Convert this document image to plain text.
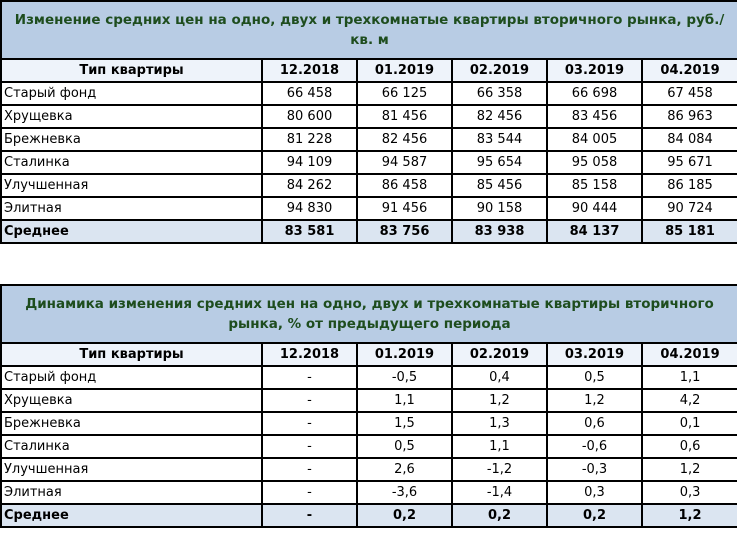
Изменение средних цен на одно, двух и трехкомнатые квартиры вторичного рынка, руб./кв. м					
Тип квартиры	12.2018	01.2019	02.2019	03.2019	04.2019
Старый фонд	66 458	66 125	66 358	66 698	67 458
Хрущевка	80 600	81 456	82 456	83 456	86 963
Брежневка	81 228	82 456	83 544	84 005	84 084
Сталинка	94 109	94 587	95 654	95 058	95 671
Улучшенная	84 262	86 458	85 456	85 158	86 185
Элитная	94 830	91 456	90 158	90 444	90 724
Среднее	83 581	83 756	83 938	84 137	85 181
Динамика изменения средних цен на одно, двух и трехкомнатые квартиры вторичного рынка, % от предыдущего периода					
Тип квартиры	12.2018	01.2019	02.2019	03.2019	04.2019
Старый фонд	-	-0,5	0,4	0,5	1,1
Хрущевка	-	1,1	1,2	1,2	4,2
Брежневка	-	1,5	1,3	0,6	0,1
Сталинка	-	0,5	1,1	-0,6	0,6
Улучшенная	-	2,6	-1,2	-0,3	1,2
Элитная	-	-3,6	-1,4	0,3	0,3
Среднее	-	0,2	0,2	0,2	1,2
